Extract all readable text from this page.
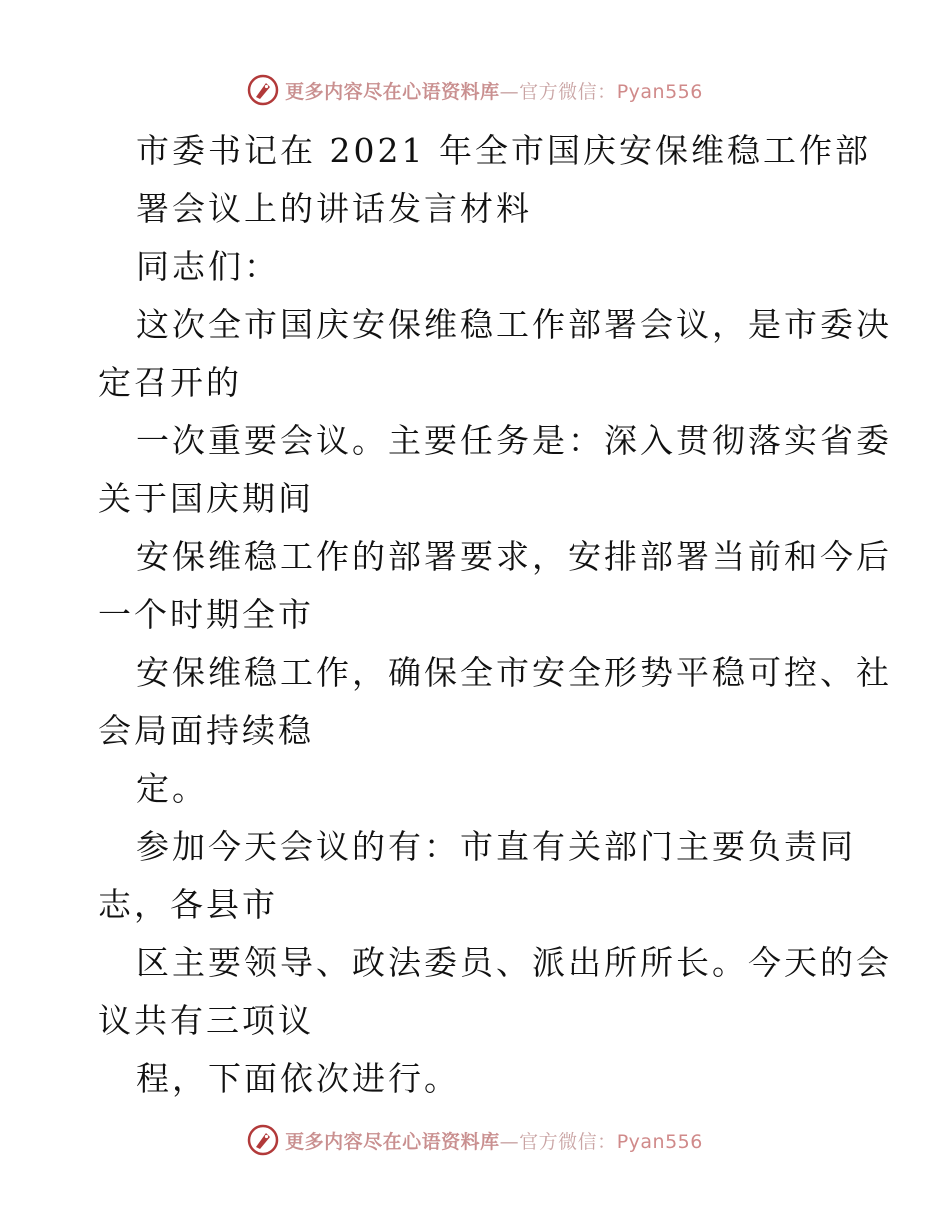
更多内容尽在心语资料库—官方微信：Pyan556
市委书记在 2021 年全市国庆安保维稳工作部
署会议上的讲话发言材料
同志们：
这次全市国庆安保维稳工作部署会议，是市委决
定召开的
一次重要会议。主要任务是：深入贯彻落实省委
关于国庆期间
安保维稳工作的部署要求，安排部署当前和今后
一个时期全市
安保维稳工作，确保全市安全形势平稳可控、社
会局面持续稳
定。
参加今天会议的有：市直有关部门主要负责同
志，各县市
区主要领导、政法委员、派出所所长。今天的会
议共有三项议
程，下面依次进行。
更多内容尽在心语资料库—官方微信：Pyan556
